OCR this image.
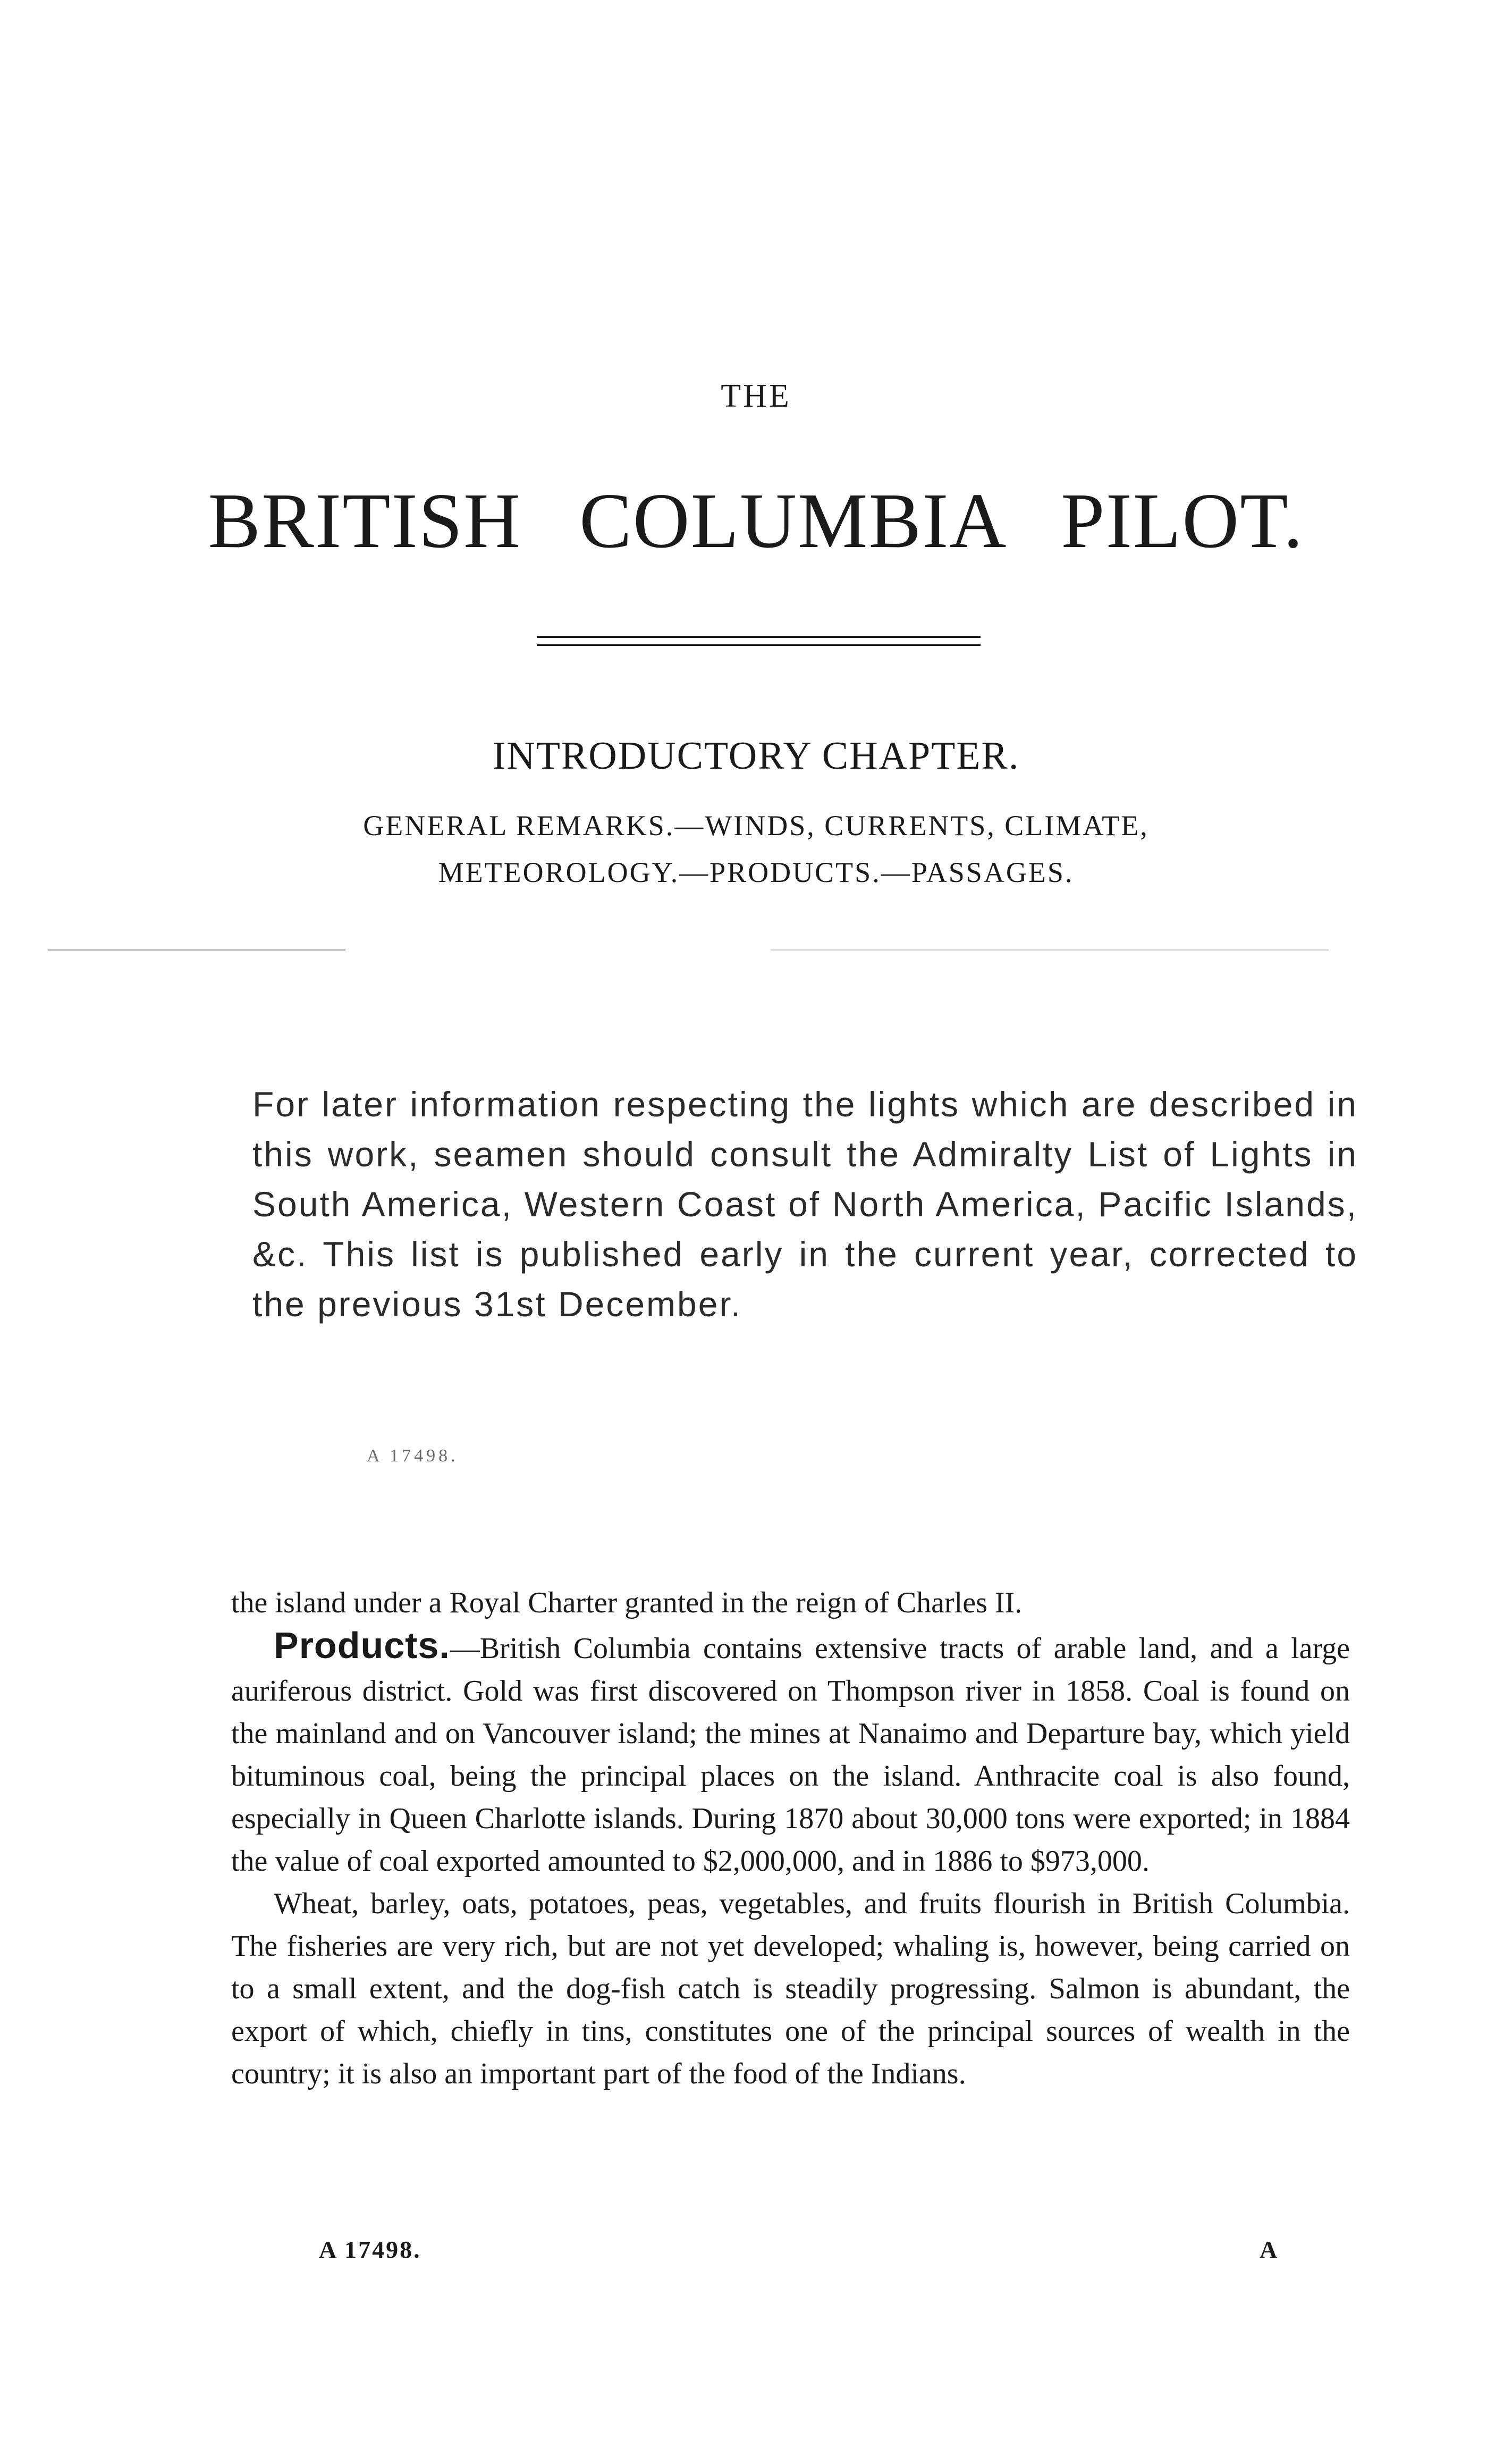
THE
BRITISH COLUMBIA PILOT.
INTRODUCTORY CHAPTER.
GENERAL REMARKS.—WINDS, CURRENTS, CLIMATE,
METEOROLOGY.—PRODUCTS.—PASSAGES.
For later information respecting the lights which are described in this work, seamen should consult the Admiralty List of Lights in South America, Western Coast of North America, Pacific Islands, &c. This list is published early in the current year, corrected to the previous 31st December.
A 17498.

the island under a Royal Charter granted in the reign of Charles II.

Products.—British Columbia contains extensive tracts of arable land, and a large auriferous district. Gold was first discovered on Thompson river in 1858. Coal is found on the mainland and on Vancouver island; the mines at Nanaimo and Departure bay, which yield bituminous coal, being the principal places on the island. Anthracite coal is also found, especially in Queen Charlotte islands. During 1870 about 30,000 tons were exported; in 1884 the value of coal exported amounted to $2,000,000, and in 1886 to $973,000.

Wheat, barley, oats, potatoes, peas, vegetables, and fruits flourish in British Columbia. The fisheries are very rich, but are not yet developed; whaling is, however, being carried on to a small extent, and the dog-fish catch is steadily progressing. Salmon is abundant, the export of which, chiefly in tins, constitutes one of the principal sources of wealth in the country; it is also an important part of the food of the Indians.

A 17498.	A
